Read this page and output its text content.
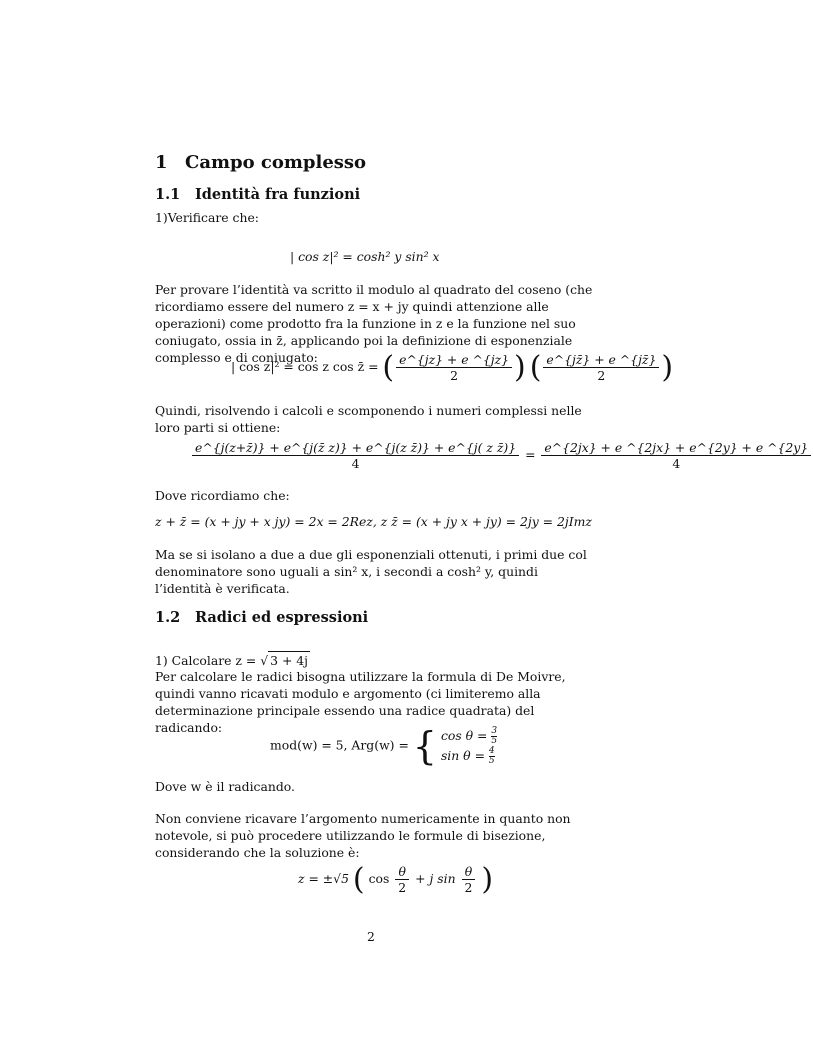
1 Campo complesso
1.1 Identità fra funzioni
1)Verificare che:
| cos z|² = cosh² y sin² x
Per provare l’identità va scritto il modulo al quadrato del coseno (che ricordiamo essere del numero z = x + jy quindi attenzione alle operazioni) come prodotto fra la funzione in z e la funzione nel suo coniugato, ossia in z̄, applicando poi la definizione di esponenziale complesso e di coniugato:
| cos z|² = cos z cos z̄ = ( $\frac{e\^{}\{jz\} + e \^{}\{jz\}}{2}$ ) ( $\frac{e\^{}\{jz̄\} + e \^{}\{jz̄\}}{2}$ )
Quindi, risolvendo i calcoli e scomponendo i numeri complessi nelle loro parti si ottiene:
$\frac{\text{e\textasciicircum{}\{j(z+z̄)\} + e\textasciicircum{}\{j(z̄ z)\} + e\textasciicircum{}\{j(z z̄)\} + e\textasciicircum{}\{j( z z̄)\}}}{4} = \frac{e\^{}\{2jx\} + e \^{}\{2jx\} + e\^{}\{2y\} + e \^{}\{2y\}}{4}$
Dove ricordiamo che:
z + z̄ = (x + jy + x jy) = 2x = 2Rez, z z̄ = (x + jy x + jy) = 2jy = 2jImz
Ma se si isolano a due a due gli esponenziali ottenuti, i primi due col denominatore sono uguali a sin² x, i secondi a cosh² y, quindi l’identità è verificata.
1.2 Radici ed espressioni
1) Calcolare z = √ 3 + 4j
Per calcolare le radici bisogna utilizzare la formula di De Moivre, quindi vanno ricavati modulo e argomento (ci limiteremo alla determinazione principale essendo una radice quadrata) del radicando:
mod(w) = 5, Arg(w) = { $\cos \theta = \frac{3}{5}$
$\sin \theta = \frac{4}{5}$
Dove w è il radicando.
Non conviene ricavare l’argomento numericamente in quanto non notevole, si può procedere utilizzando le formule di bisezione, considerando che la soluzione è:
z = ±√5 ( $\cos \frac{\theta}{2} + j$ $\sin \frac{\theta}{2}$ )
2
